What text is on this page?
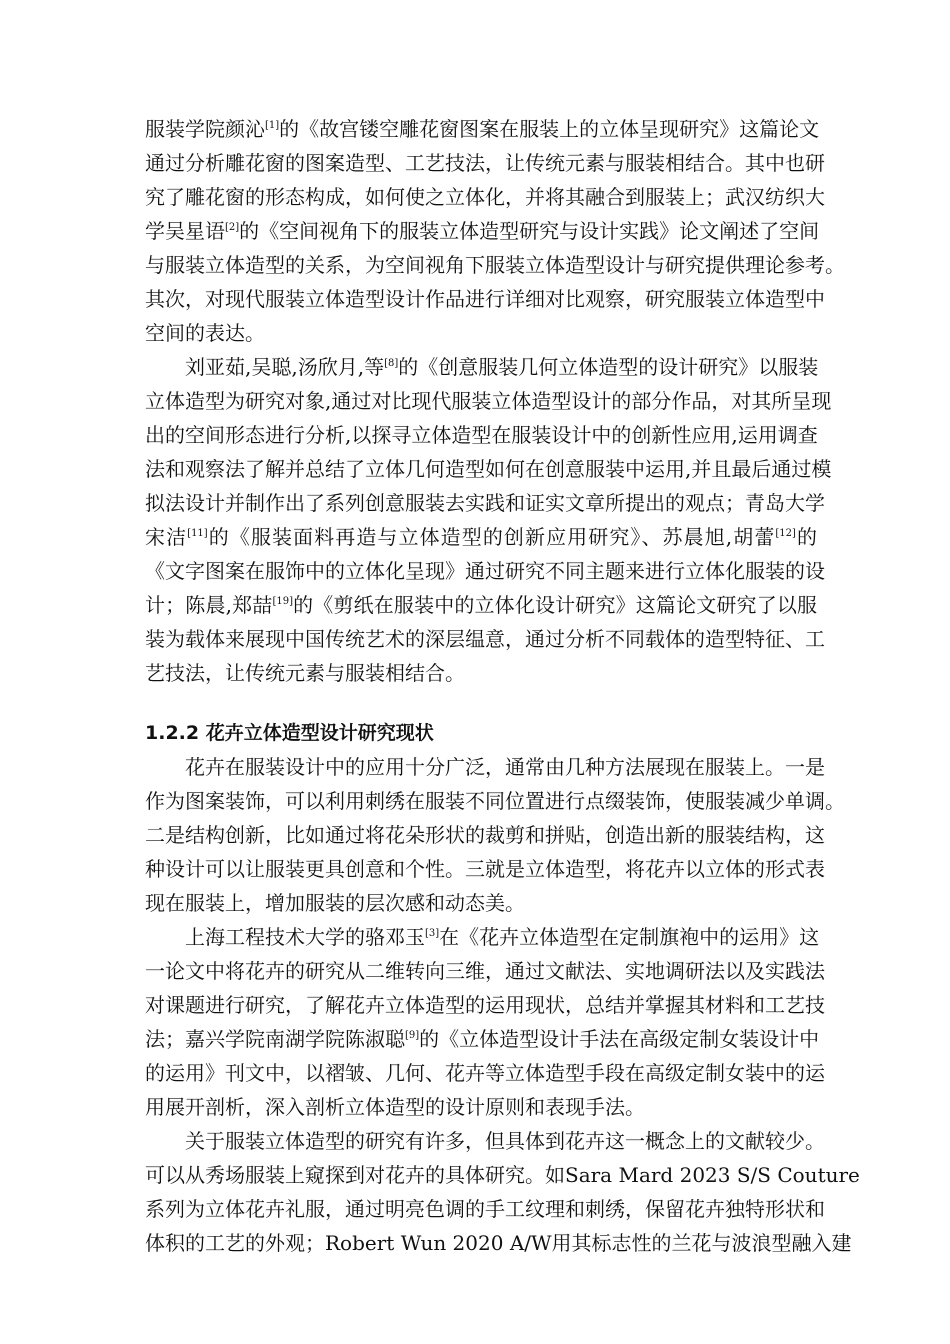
服装学院颜沁[1]的《故宫镂空雕花窗图案在服装上的立体呈现研究》这篇论文
通过分析雕花窗的图案造型、工艺技法，让传统元素与服装相结合。其中也研
究了雕花窗的形态构成，如何使之立体化，并将其融合到服装上；武汉纺织大
学吴星语[2]的《空间视角下的服装立体造型研究与设计实践》论文阐述了空间
与服装立体造型的关系，为空间视角下服装立体造型设计与研究提供理论参考。
其次，对现代服装立体造型设计作品进行详细对比观察，研究服装立体造型中
空间的表达。
刘亚茹,吴聪,汤欣月,等[8]的《创意服装几何立体造型的设计研究》以服装
立体造型为研究对象,通过对比现代服装立体造型设计的部分作品，对其所呈现
出的空间形态进行分析,以探寻立体造型在服装设计中的创新性应用,运用调查
法和观察法了解并总结了立体几何造型如何在创意服装中运用,并且最后通过模
拟法设计并制作出了系列创意服装去实践和证实文章所提出的观点；青岛大学
宋洁[11]的《服装面料再造与立体造型的创新应用研究》、苏晨旭,胡蕾[12]的
《文字图案在服饰中的立体化呈现》通过研究不同主题来进行立体化服装的设
计；陈晨,郑喆[19]的《剪纸在服装中的立体化设计研究》这篇论文研究了以服
装为载体来展现中国传统艺术的深层缊意，通过分析不同载体的造型特征、工
艺技法，让传统元素与服装相结合。
1.2.2 花卉立体造型设计研究现状
花卉在服装设计中的应用十分广泛，通常由几种方法展现在服装上。一是
作为图案装饰，可以利用刺绣在服装不同位置进行点缀装饰，使服装减少单调。
二是结构创新，比如通过将花朵形状的裁剪和拼贴，创造出新的服装结构，这
种设计可以让服装更具创意和个性。三就是立体造型，将花卉以立体的形式表
现在服装上，增加服装的层次感和动态美。
上海工程技术大学的骆邓玉[3]在《花卉立体造型在定制旗袍中的运用》这
一论文中将花卉的研究从二维转向三维，通过文献法、实地调研法以及实践法
对课题进行研究，了解花卉立体造型的运用现状，总结并掌握其材料和工艺技
法；嘉兴学院南湖学院陈淑聪[9]的《立体造型设计手法在高级定制女装设计中
的运用》刊文中，以褶皱、几何、花卉等立体造型手段在高级定制女装中的运
用展开剖析，深入剖析立体造型的设计原则和表现手法。
关于服装立体造型的研究有许多，但具体到花卉这一概念上的文献较少。
可以从秀场服装上窥探到对花卉的具体研究。如Sara Mard 2023 S/S Couture
系列为立体花卉礼服，通过明亮色调的手工纹理和刺绣，保留花卉独特形状和
体积的工艺的外观；Robert Wun 2020 A/W用其标志性的兰花与波浪型融入建
